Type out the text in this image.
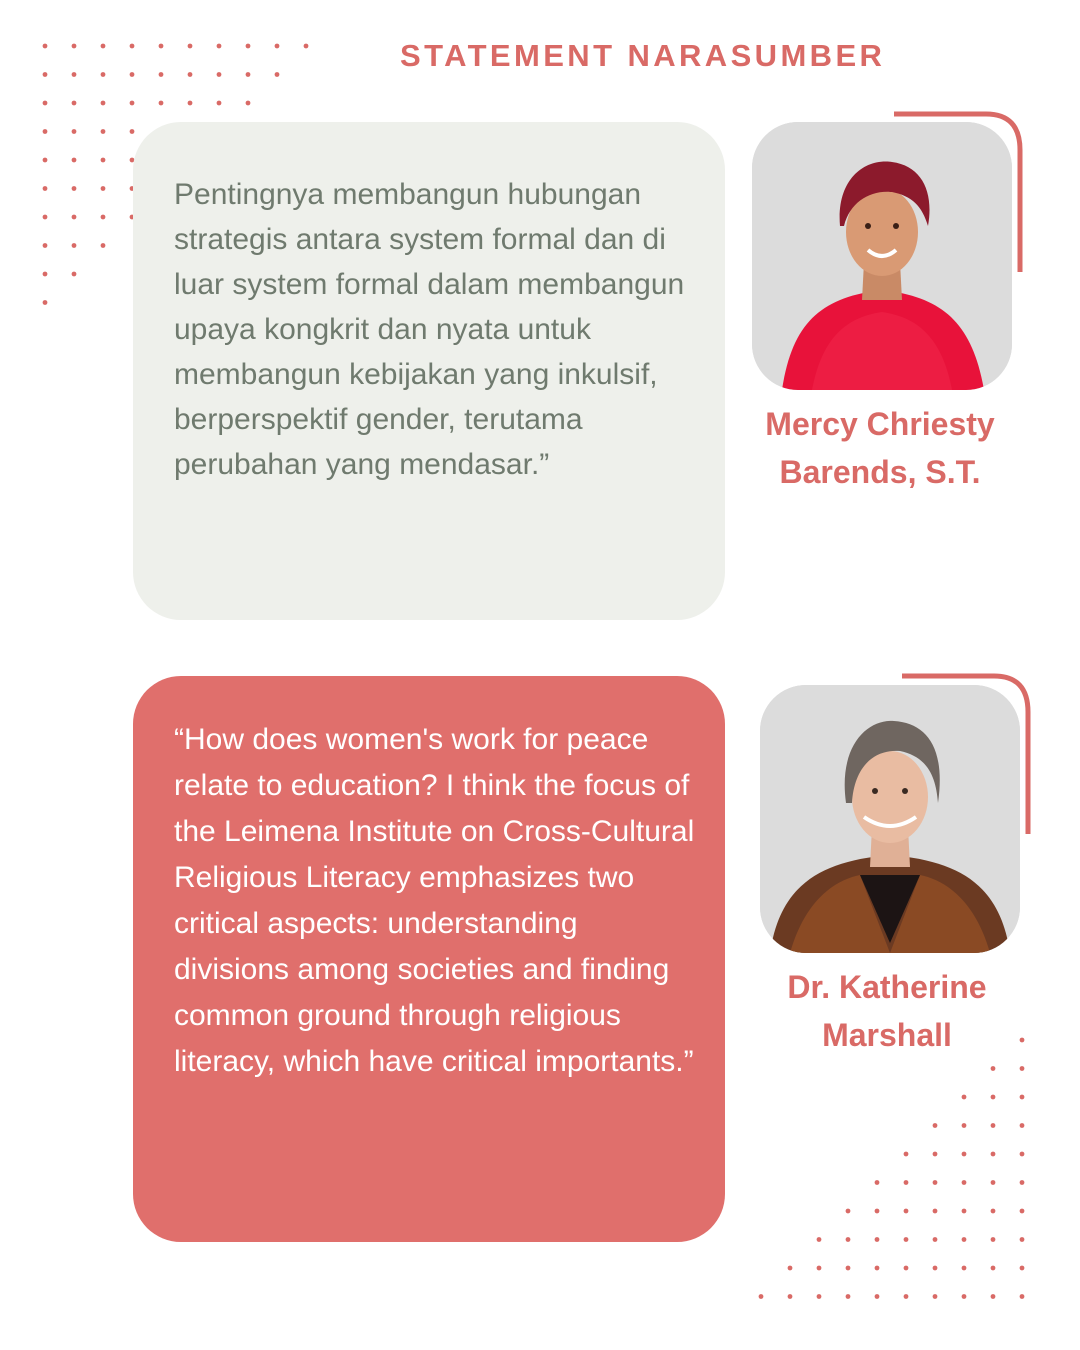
STATEMENT NARASUMBER

Pentingnya membangun hubungan strategis antara system formal dan di luar system formal dalam membangun upaya kongkrit dan nyata untuk membangun kebijakan yang inkulsif, berperspektif gender, terutama perubahan yang mendasar.”

Mercy Chriesty
Barends, S.T.

“How does women's work for peace relate to education? I think the focus of the Leimena Institute on Cross-Cultural Religious Literacy emphasizes two critical aspects: understanding divisions among societies and finding common ground through religious literacy, which have critical importants.”

Dr. Katherine
Marshall
